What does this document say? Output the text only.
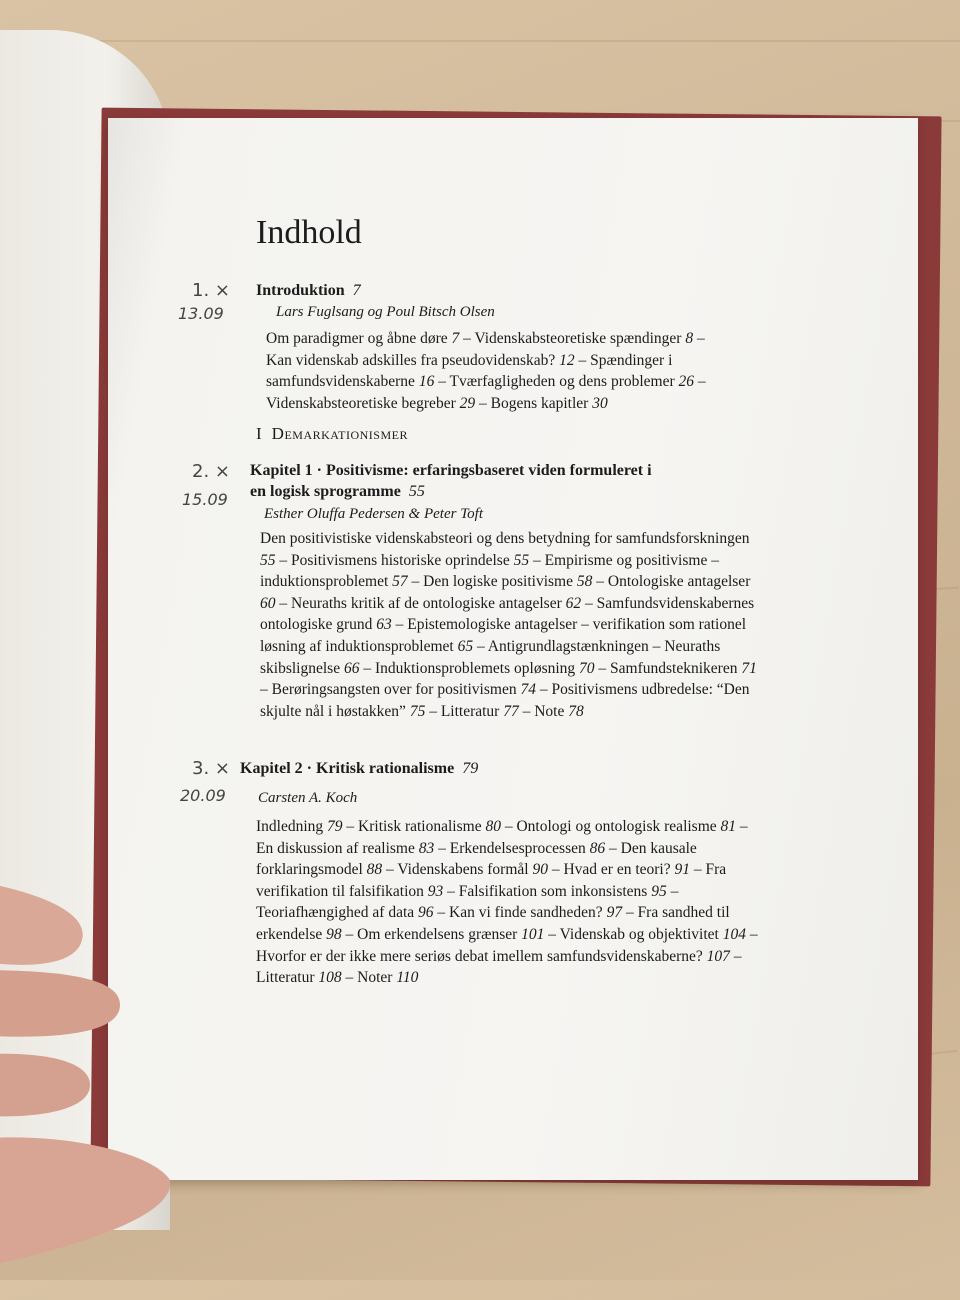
Indhold
1. ×
13.09
Introduktion 7
Lars Fuglsang og Poul Bitsch Olsen
Om paradigmer og åbne døre 7 – Videnskabsteoretiske spændinger 8 – Kan videnskab adskilles fra pseudovidenskab? 12 – Spændinger i samfundsvidenskaberne 16 – Tværfagligheden og dens problemer 26 – Videnskabsteoretiske begreber 29 – Bogens kapitler 30
I Demarkationismer
2. ×
15.09
Kapitel 1 · Positivisme: erfaringsbaseret viden formuleret i en logisk sprogramme 55
Esther Oluffa Pedersen & Peter Toft
Den positivistiske videnskabsteori og dens betydning for samfundsforskningen 55 – Positivismens historiske oprindelse 55 – Empirisme og positivisme – induktionsproblemet 57 – Den logiske positivisme 58 – Ontologiske antagelser 60 – Neuraths kritik af de ontologiske antagelser 62 – Samfundsvidenskabernes ontologiske grund 63 – Epistemologiske antagelser – verifikation som rationel løsning af induktionsproblemet 65 – Antigrundlagstænkningen – Neuraths skibslignelse 66 – Induktionsproblemets opløsning 70 – Samfundsteknikeren 71 – Berøringsangsten over for positivismen 74 – Positivismens udbredelse: “Den skjulte nål i høstakken” 75 – Litteratur 77 – Note 78
3. ×
20.09
Kapitel 2 · Kritisk rationalisme 79
Carsten A. Koch
Indledning 79 – Kritisk rationalisme 80 – Ontologi og ontologisk realisme 81 – En diskussion af realisme 83 – Erkendelsesprocessen 86 – Den kausale forklaringsmodel 88 – Videnskabens formål 90 – Hvad er en teori? 91 – Fra verifikation til falsifikation 93 – Falsifikation som inkonsistens 95 – Teoriafhængighed af data 96 – Kan vi finde sandheden? 97 – Fra sandhed til erkendelse 98 – Om erkendelsens grænser 101 – Videnskab og objektivitet 104 – Hvorfor er der ikke mere seriøs debat imellem samfundsvidenskaberne? 107 – Litteratur 108 – Noter 110
